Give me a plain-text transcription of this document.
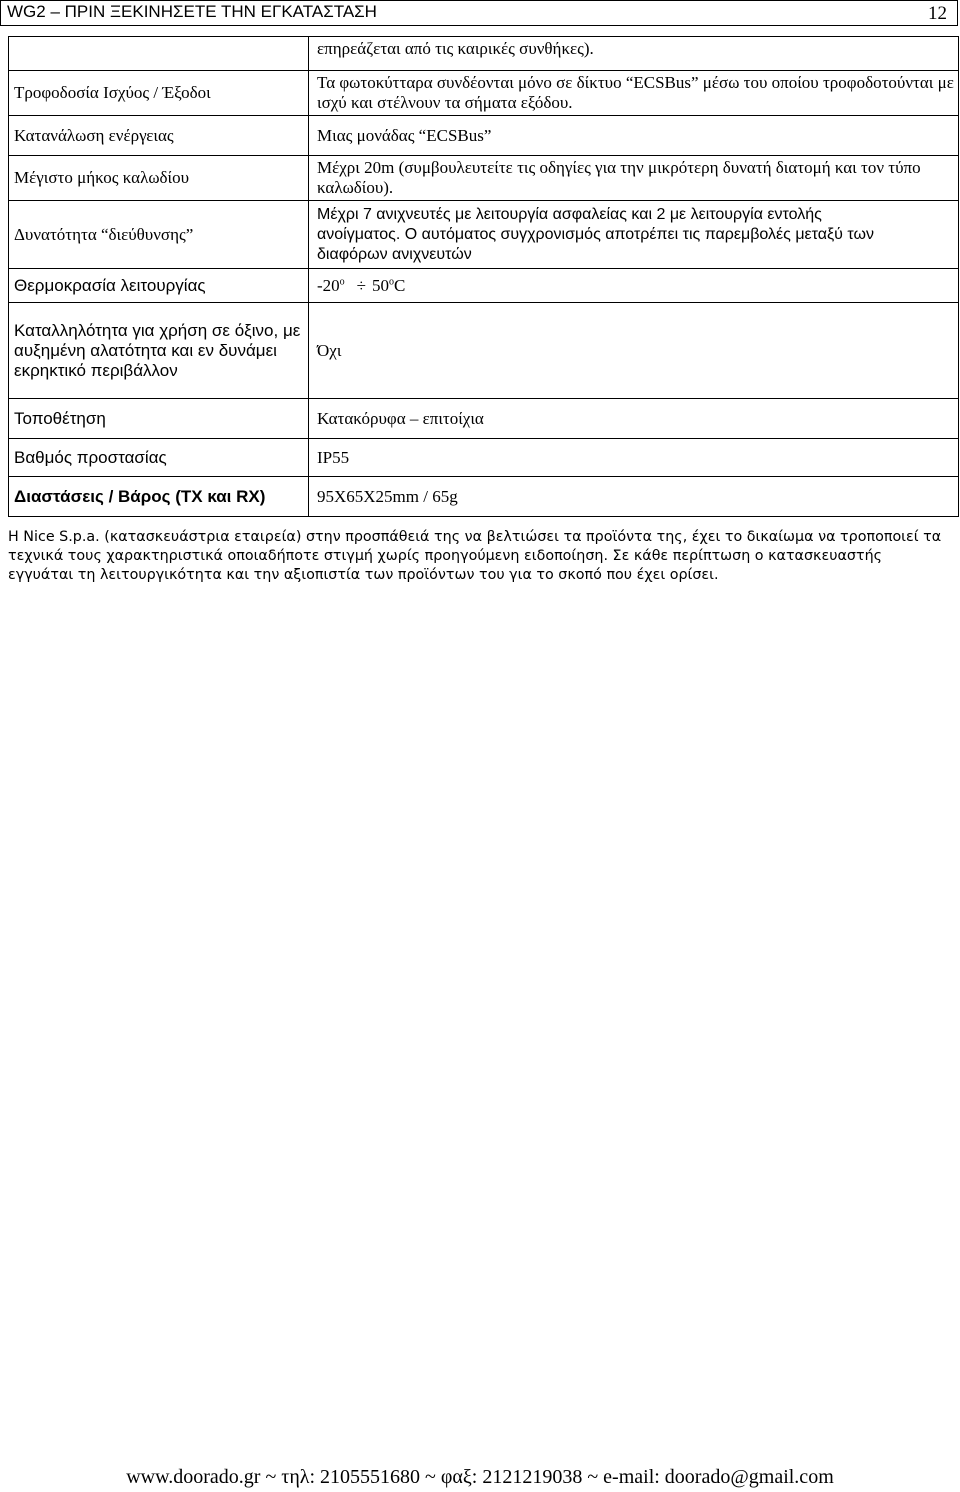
WG2 – ΠΡΙΝ ΞΕΚΙΝΗΣΕΤΕ ΤΗΝ ΕΓΚΑΤΑΣΤΑΣΗ	12
	επηρεάζεται από τις καιρικές συνθήκες).
Τροφοδοσία Ισχύος / Έξοδοι	Τα φωτοκύτταρα συνδέονται μόνο σε δίκτυο “ECSBus” μέσω του οποίου τροφοδοτούνται με ισχύ και στέλνουν τα σήματα εξόδου.
Κατανάλωση ενέργειας	Μιας μονάδας “ECSBus”
Μέγιστο μήκος καλωδίου	Μέχρι 20m (συμβουλευτείτε τις οδηγίες για την μικρότερη δυνατή διατομή και τον τύπο καλωδίου).
Δυνατότητα “διεύθυνσης”	Μέχρι 7 ανιχνευτές με λειτουργία ασφαλείας και 2 με λειτουργία εντολής
ανοίγματος. Ο αυτόματος συγχρονισμός αποτρέπει τις παρεμβολές μεταξύ των
διαφόρων ανιχνευτών

Θερμοκρασία λειτουργίας	$-20^o \div 50^oC$
Καταλληλότητα για χρήση σε όξινο, με αυξημένη αλατότητα και εν δυνάμει εκρηκτικό περιβάλλον	Όχι
Τοποθέτηση	Κατακόρυφα – επιτοίχια
Βαθμός προστασίας	IP55
Διαστάσεις / Βάρος (TX και RX)	95X65X25mm / 65g
Η Nice S.p.a. (κατασκευάστρια εταιρεία) στην προσπάθειά της να βελτιώσει τα προϊόντα της, έχει το δικαίωμα να τροποποιεί τα τεχνικά τους χαρακτηριστικά οποιαδήποτε στιγμή χωρίς προηγούμενη ειδοποίηση. Σε κάθε περίπτωση ο κατασκευαστής εγγυάται τη λειτουργικότητα και την αξιοπιστία των προϊόντων του για το σκοπό που έχει ορίσει.
www.doorado.gr ~ τηλ: 2105551680 ~ φαξ: 2121219038 ~ e-mail: doorado@gmail.com
